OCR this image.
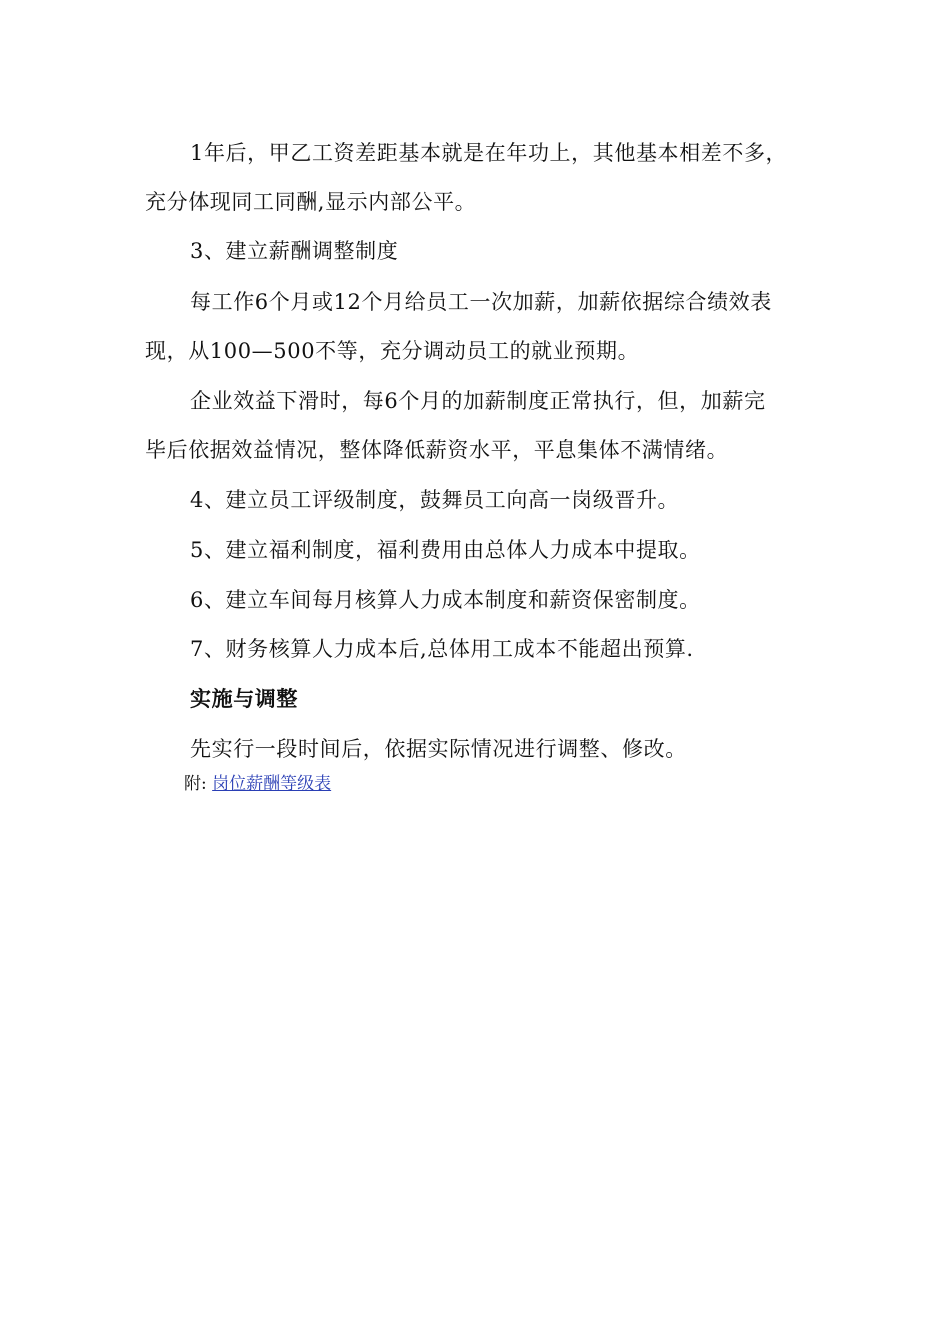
1年后，甲乙工资差距基本就是在年功上，其他基本相差不多，
充分体现同工同酬,显示内部公平。
3、建立薪酬调整制度
每工作6个月或12个月给员工一次加薪，加薪依据综合绩效表
现，从100—500不等，充分调动员工的就业预期。
企业效益下滑时，每6个月的加薪制度正常执行，但，加薪完
毕后依据效益情况，整体降低薪资水平，平息集体不满情绪。
4、建立员工评级制度，鼓舞员工向高一岗级晋升。
5、建立福利制度，福利费用由总体人力成本中提取。
6、建立车间每月核算人力成本制度和薪资保密制度。
7、财务核算人力成本后,总体用工成本不能超出预算.
实施与调整
先实行一段时间后，依据实际情况进行调整、修改。
附: 岗位薪酬等级表
